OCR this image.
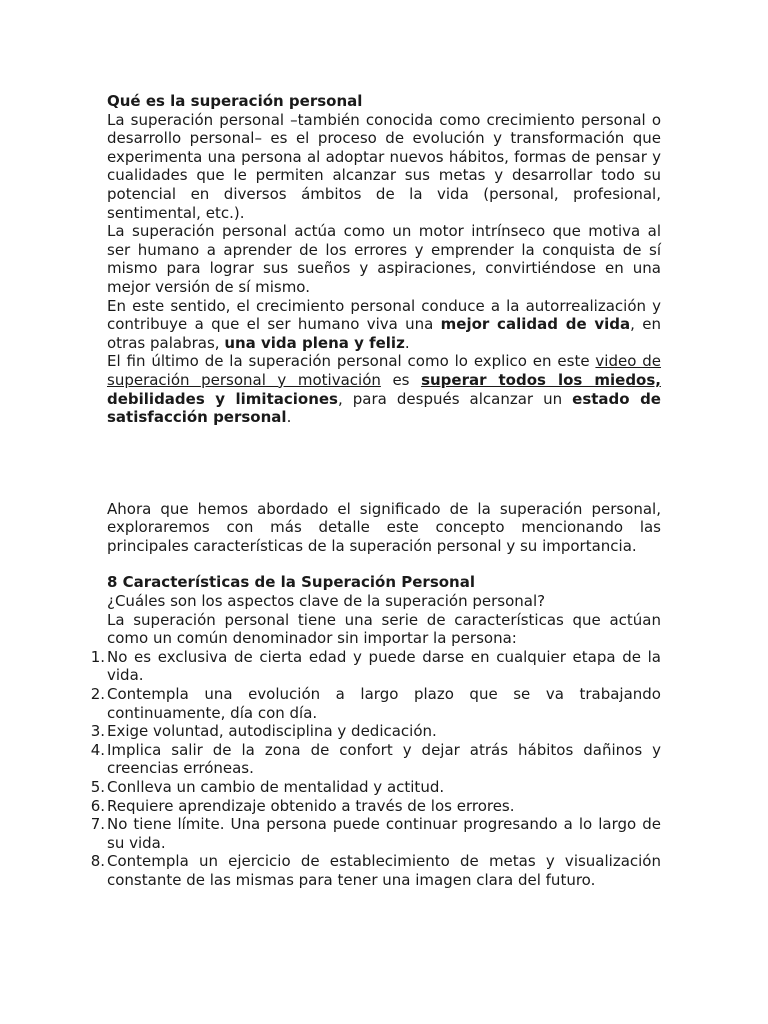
Qué es la superación personal

La superación personal –también conocida como crecimiento personal o desarrollo personal– es el proceso de evolución y transformación que experimenta una persona al adoptar nuevos hábitos, formas de pensar y cualidades que le permiten alcanzar sus metas y desarrollar todo su potencial en diversos ámbitos de la vida (personal, profesional, sentimental, etc.).

La superación personal actúa como un motor intrínseco que motiva al ser humano a aprender de los errores y emprender la conquista de sí mismo para lograr sus sueños y aspiraciones, convirtiéndose en una mejor versión de sí mismo.

En este sentido, el crecimiento personal conduce a la autorrealización y contribuye a que el ser humano viva una mejor calidad de vida, en otras palabras, una vida plena y feliz.

El fin último de la superación personal como lo explico en este video de superación personal y motivación es superar todos los miedos, debilidades y limitaciones, para después alcanzar un estado de satisfacción personal.

Ahora que hemos abordado el significado de la superación personal, exploraremos con más detalle este concepto mencionando las principales características de la superación personal y su importancia.

8 Características de la Superación Personal

¿Cuáles son los aspectos clave de la superación personal?

La superación personal tiene una serie de características que actúan como un común denominador sin importar la persona:

1. No es exclusiva de cierta edad y puede darse en cualquier etapa de la vida.
2. Contempla una evolución a largo plazo que se va trabajando continuamente, día con día.
3. Exige voluntad, autodisciplina y dedicación.
4. Implica salir de la zona de confort y dejar atrás hábitos dañinos y creencias erróneas.
5. Conlleva un cambio de mentalidad y actitud.
6. Requiere aprendizaje obtenido a través de los errores.
7. No tiene límite. Una persona puede continuar progresando a lo largo de su vida.
8. Contempla un ejercicio de establecimiento de metas y visualización constante de las mismas para tener una imagen clara del futuro.
